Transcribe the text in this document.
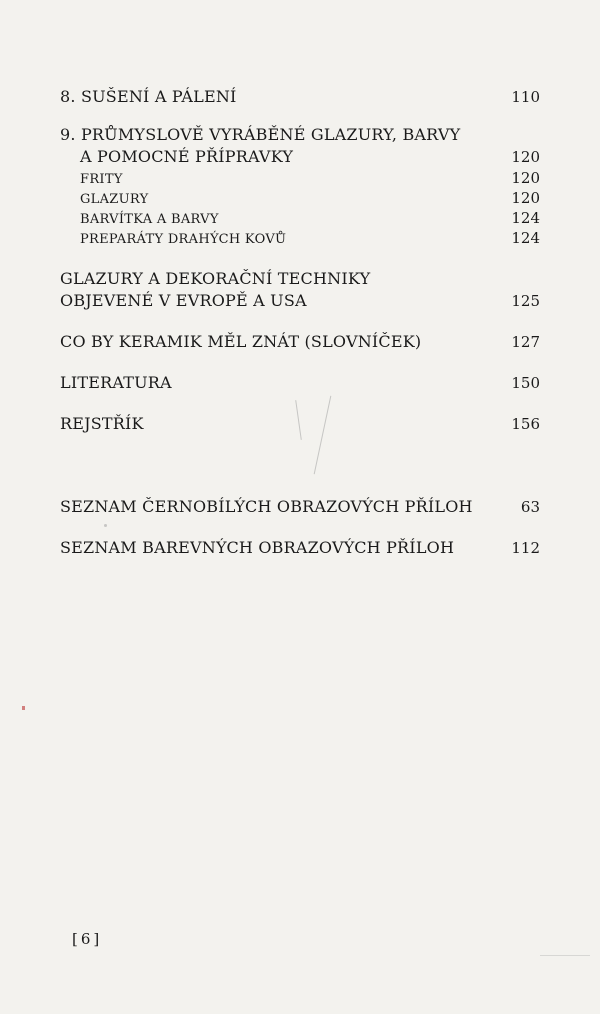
8. SUŠENÍ A PÁLENÍ	110
9. PRŮMYSLOVĚ VYRÁBĚNÉ GLAZURY, BARVY
A POMOCNÉ PŘÍPRAVKY	120
FRITY	120
GLAZURY	120
BARVÍTKA A BARVY	124
PREPARÁTY DRAHÝCH KOVŮ	124
GLAZURY A DEKORAČNÍ TECHNIKY
OBJEVENÉ V EVROPĚ A USA	125
CO BY KERAMIK MĚL ZNÁT (SLOVNÍČEK)	127
LITERATURA	150
REJSTŘÍK	156
SEZNAM ČERNOBÍLÝCH OBRAZOVÝCH PŘÍLOH	63
SEZNAM BAREVNÝCH OBRAZOVÝCH PŘÍLOH	112
[6]
